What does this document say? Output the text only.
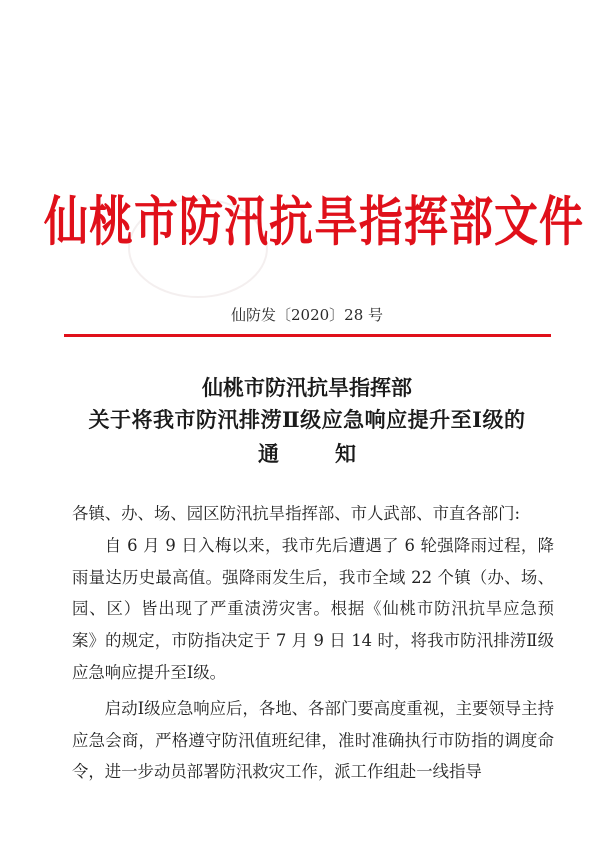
仙桃市防汛抗旱指挥部文件
仙防发〔2020〕28 号
仙桃市防汛抗旱指挥部
关于将我市防汛排涝Ⅱ级应急响应提升至Ⅰ级的
通知

各镇、办、场、园区防汛抗旱指挥部、市人武部、市直各部门:

自 6 月 9 日入梅以来，我市先后遭遇了 6 轮强降雨过程，降雨量达历史最高值。强降雨发生后，我市全域 22 个镇（办、场、园、区）皆出现了严重渍涝灾害。根据《仙桃市防汛抗旱应急预案》的规定，市防指决定于 7 月 9 日 14 时，将我市防汛排涝Ⅱ级应急响应提升至Ⅰ级。

启动Ⅰ级应急响应后，各地、各部门要高度重视，主要领导主持应急会商，严格遵守防汛值班纪律，准时准确执行市防指的调度命令，进一步动员部署防汛救灾工作，派工作组赴一线指导
